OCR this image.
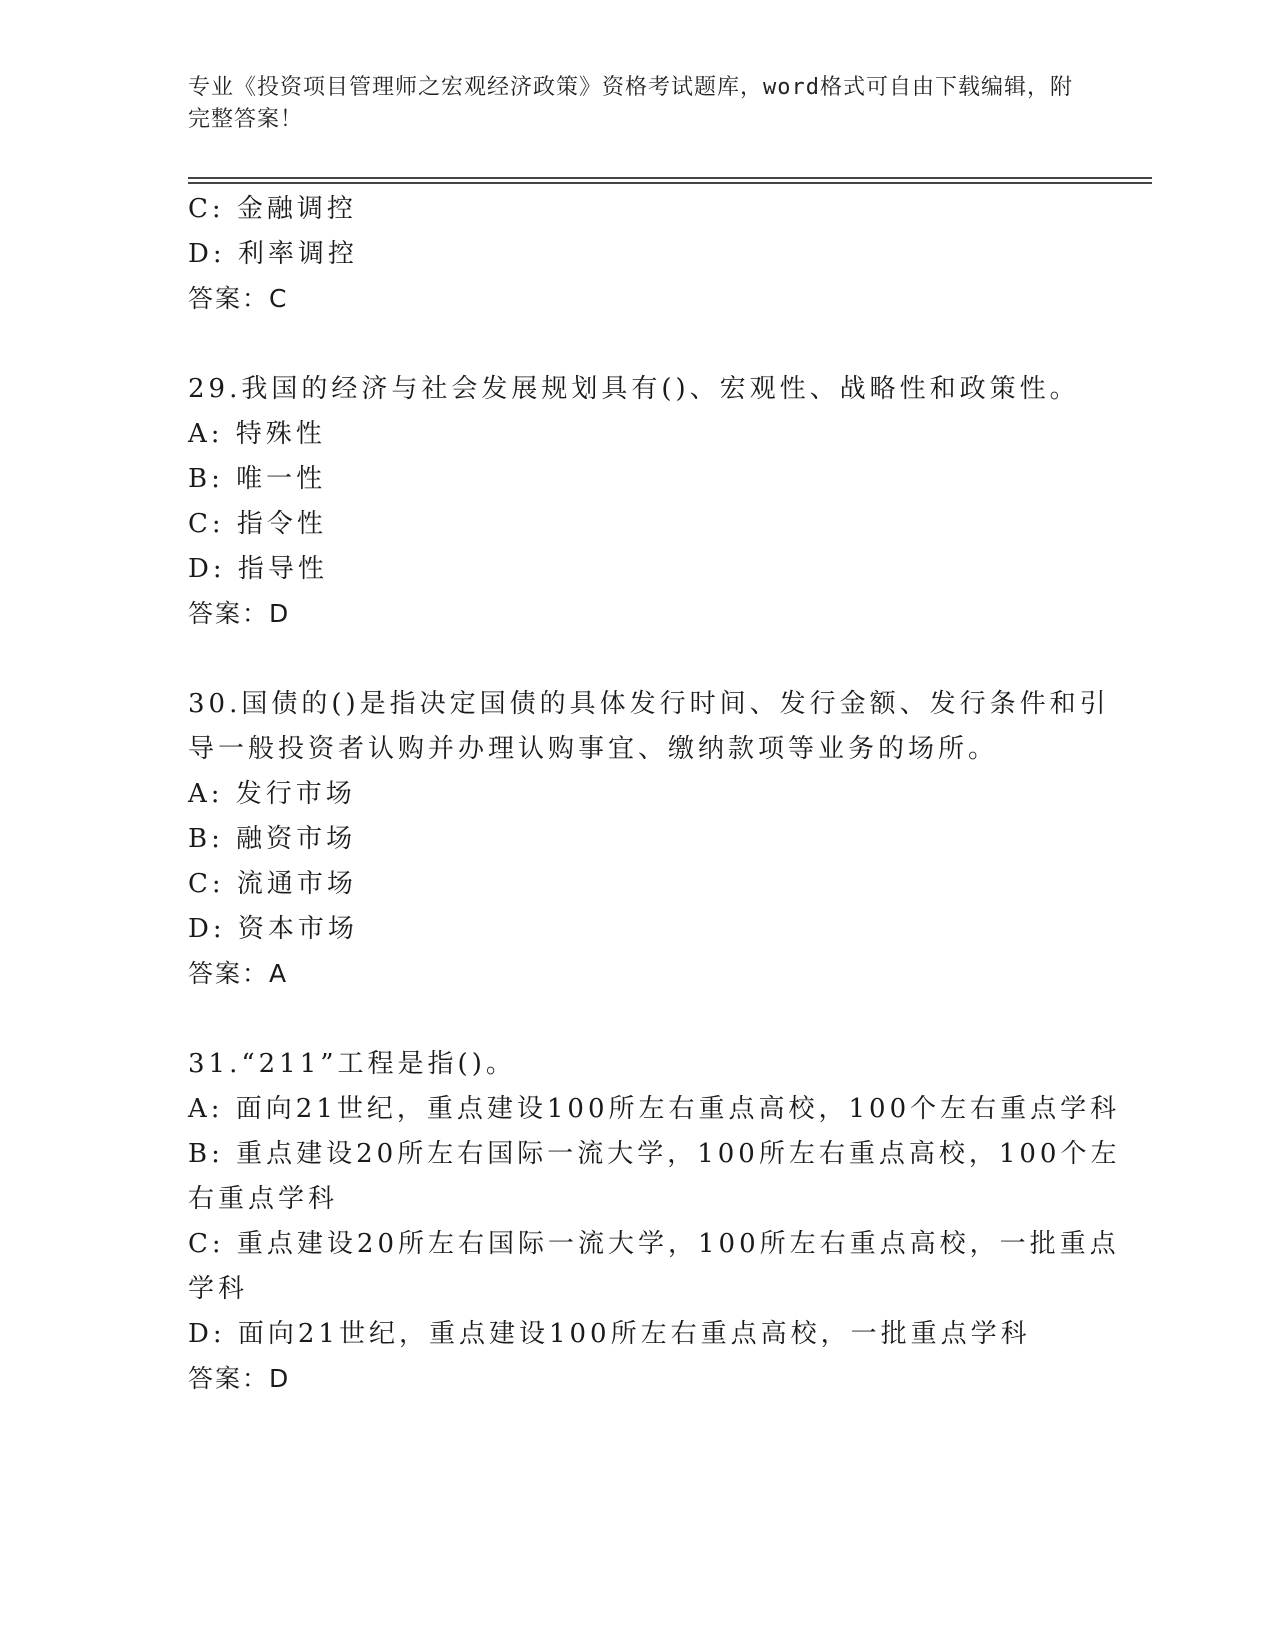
专业《投资项目管理师之宏观经济政策》资格考试题库，word格式可自由下载编辑，附完整答案！
C: 金融调控
D: 利率调控
答案：C
29.我国的经济与社会发展规划具有()、宏观性、战略性和政策性。
A: 特殊性
B: 唯一性
C: 指令性
D: 指导性
答案：D
30.国债的()是指决定国债的具体发行时间、发行金额、发行条件和引
导一般投资者认购并办理认购事宜、缴纳款项等业务的场所。
A: 发行市场
B: 融资市场
C: 流通市场
D: 资本市场
答案：A
31.“211”工程是指()。
A: 面向21世纪，重点建设100所左右重点高校，100个左右重点学科
B: 重点建设20所左右国际一流大学，100所左右重点高校，100个左
右重点学科
C: 重点建设20所左右国际一流大学，100所左右重点高校，一批重点
学科
D: 面向21世纪，重点建设100所左右重点高校，一批重点学科
答案：D
